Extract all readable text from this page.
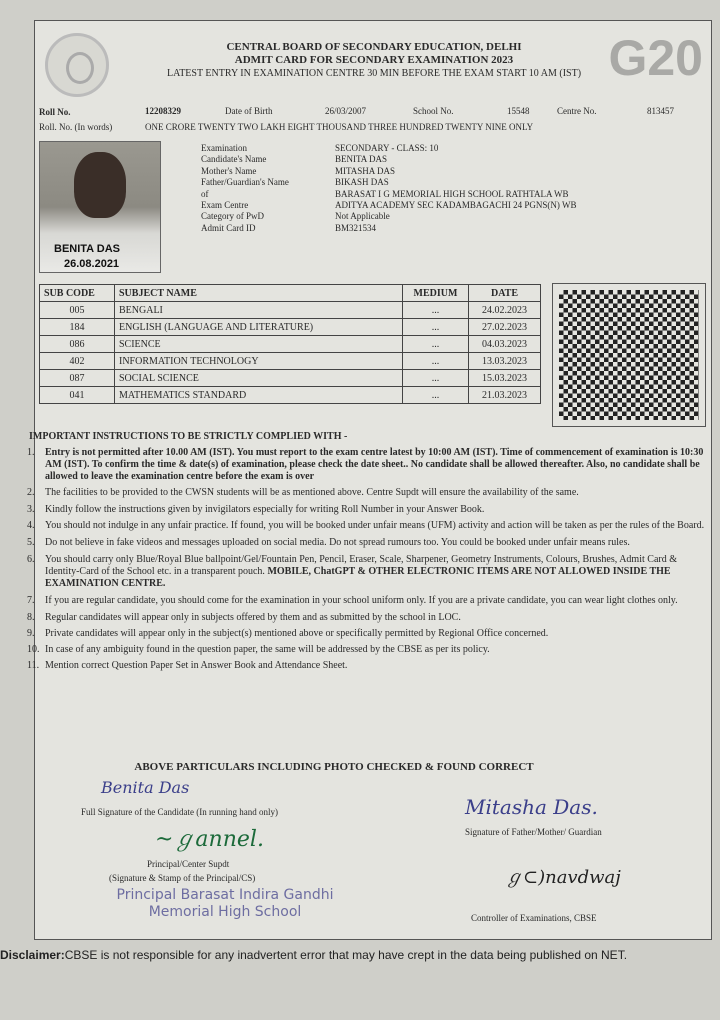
G20
CENTRAL BOARD OF SECONDARY EDUCATION, DELHI
ADMIT CARD FOR SECONDARY EXAMINATION 2023
LATEST ENTRY IN EXAMINATION CENTRE 30 MIN BEFORE THE EXAM START 10 AM (IST)
Roll No.	12208329	Date of Birth	26/03/2007	School No.	15548	Centre No.	813457
Roll. No. (In words)	ONE CRORE TWENTY TWO LAKH EIGHT THOUSAND THREE HUNDRED TWENTY NINE ONLY
BENITA DAS
26.08.2021
Examination	SECONDARY - CLASS: 10
Candidate's Name	BENITA DAS
Mother's Name	MITASHA DAS
Father/Guardian's Name	BIKASH DAS
of	BARASAT I G MEMORIAL HIGH SCHOOL RATHTALA WB
Exam Centre	ADITYA ACADEMY SEC KADAMBAGACHI 24 PGNS(N) WB
Category of PwD	Not Applicable
Admit Card ID	BM321534
SUB CODE	SUBJECT NAME	MEDIUM	DATE
005	BENGALI	...	24.02.2023
184	ENGLISH (LANGUAGE AND LITERATURE)	...	27.02.2023
086	SCIENCE	...	04.03.2023
402	INFORMATION TECHNOLOGY	...	13.03.2023
087	SOCIAL SCIENCE	...	15.03.2023
041	MATHEMATICS STANDARD	...	21.03.2023
IMPORTANT INSTRUCTIONS TO BE STRICTLY COMPLIED WITH -
1.	Entry is not permitted after 10.00 AM (IST). You must report to the exam centre latest by 10:00 AM (IST). Time of commencement of examination is 10:30 AM (IST). To confirm the time & date(s) of examination, please check the date sheet.. No candidate shall be allowed thereafter. Also, no candidate shall be allowed to leave the examination centre before the exam is over
2.	The facilities to be provided to the CWSN students will be as mentioned above. Centre Supdt will ensure the availability of the same.
3.	Kindly follow the instructions given by invigilators especially for writing Roll Number in your Answer Book.
4.	You should not indulge in any unfair practice. If found, you will be booked under unfair means (UFM) activity and action will be taken as per the rules of the Board.
5.	Do not believe in fake videos and messages uploaded on social media. Do not spread rumours too. You could be booked under unfair means rules.
6.	You should carry only Blue/Royal Blue ballpoint/Gel/Fountain Pen, Pencil, Eraser, Scale, Sharpener, Geometry Instruments, Colours, Brushes, Admit Card & Identity-Card of the School etc. in a transparent pouch. MOBILE, ChatGPT & OTHER ELECTRONIC ITEMS ARE NOT ALLOWED INSIDE THE EXAMINATION CENTRE.
7.	If you are regular candidate, you should come for the examination in your school uniform only. If you are a private candidate, you can wear light clothes only.
8.	Regular candidates will appear only in subjects offered by them and as submitted by the school in LOC.
9.	Private candidates will appear only in the subject(s) mentioned above or specifically permitted by Regional Office concerned.
10. In case of any ambiguity found in the question paper, the same will be addressed by the CBSE as per its policy.
11. Mention correct Question Paper Set in Answer Book and Attendance Sheet.
ABOVE PARTICULARS INCLUDING PHOTO CHECKED & FOUND CORRECT
Benita Das
Full Signature of the Candidate (In running hand only)	Mitasha Das.
Signature of Father/Mother/ Guardian
~ℊannel.
Principal/Center Supdt
(Signature & Stamp of the Principal/CS)
Principal Barasat Indira Gandhi Memorial High School
ℊ⊂)navdwaj
Controller of Examinations, CBSE
Disclaimer:CBSE is not responsible for any inadvertent error that may have crept in the data being published on NET.
